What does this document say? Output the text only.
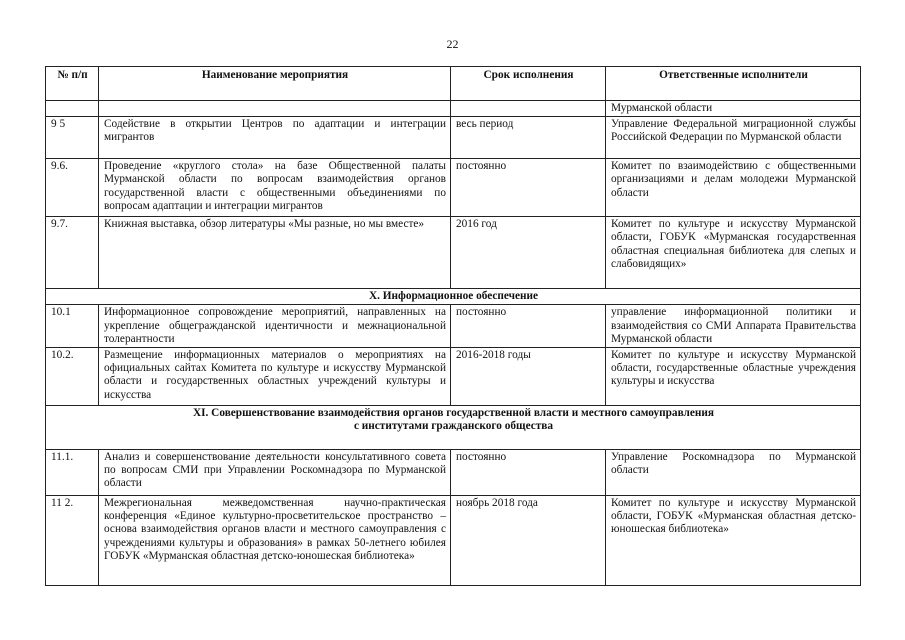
22
№ п/п	Наименование мероприятия	Срок исполнения	Ответственные исполнители
			Мурманской области
9 5	Содействие в открытии Центров по адаптации и интеграции мигрантов	весь период	Управление Федеральной миграционной службы Российской Федерации по Мурманской области
9.6.	Проведение «круглого стола» на базе Общественной палаты Мурманской области по вопросам взаимодействия органов государственной власти с общественными объединениями по вопросам адаптации и интеграции мигрантов	постоянно	Комитет по взаимодействию с общественными организациями и делам молодежи Мурманской области
9.7.	Книжная выставка, обзор литературы «Мы разные, но мы вместе»	2016 год	Комитет по культуре и искусству Мурманской области, ГОБУК «Мурманская государственная областная специальная библиотека для слепых и слабовидящих»
X. Информационное обеспечение			
10.1	Информационное сопровождение мероприятий, направленных на укрепление общегражданской идентичности и межнациональной толерантности	постоянно	управление информационной политики и взаимодействия со СМИ Аппарата Правительства Мурманской области
10.2.	Размещение информационных материалов о мероприятиях на официальных сайтах Комитета по культуре и искусству Мурманской области и государственных областных учреждений культуры и искусства	2016-2018 годы	Комитет по культуре и искусству Мурманской области, государственные областные учреждения культуры и искусства

XI. Совершенствование взаимодействия органов государственной власти и местного самоуправления
с институтами гражданского общества			

11.1.	Анализ и совершенствование деятельности консультативного совета по вопросам СМИ при Управлении Роскомнадзора по Мурманской области	постоянно	Управление Роскомнадзора по Мурманской области
11 2.	Межрегиональная межведомственная научно-практическая конференция «Единое культурно-просветительское пространство – основа взаимодействия органов власти и местного самоуправления с учреждениями культуры и образования» в рамках 50-летнего юбилея ГОБУК «Мурманская областная детско-юношеская библиотека»	ноябрь 2018 года	Комитет по культуре и искусству Мурманской области, ГОБУК «Мурманская областная детско-юношеская библиотека»
